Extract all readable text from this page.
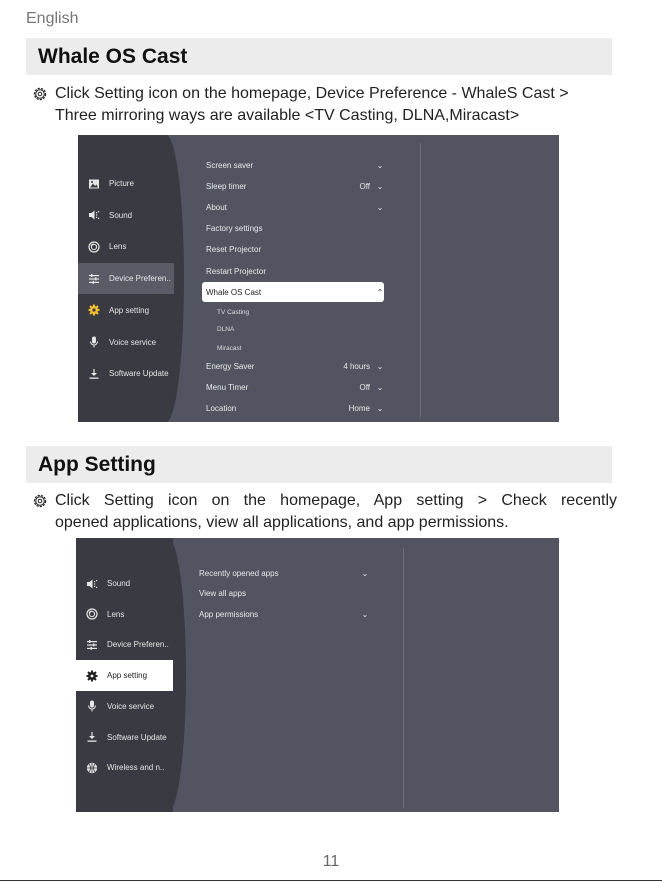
English
Whale OS Cast

Click Setting icon on the homepage, Device Preference - WhaleS Cast >

Three mirroring ways are available <TV Casting, DLNA,Miracast>

Picture
Sound
Lens
Device Preferen..
App setting
Voice service
Software Update
Screen saver	⌄
Sleep timer	Off ⌄
About	⌄
Factory settings
Reset Projector
Restart Projector
Whale OS Cast	⌃
TV Casting
DLNA
Miracast
Energy Saver	4 hours ⌄
Menu Timer	Off ⌄
Location	Home ⌄
App Setting

Click Setting icon on the homepage, App setting > Check recently

opened applications, view all applications, and app permissions.

Sound
Lens
Device Preferen..
App setting
Voice service
Software Update
Wireless and n..
Recently opened apps	⌄
View all apps
App permissions	⌄
11
